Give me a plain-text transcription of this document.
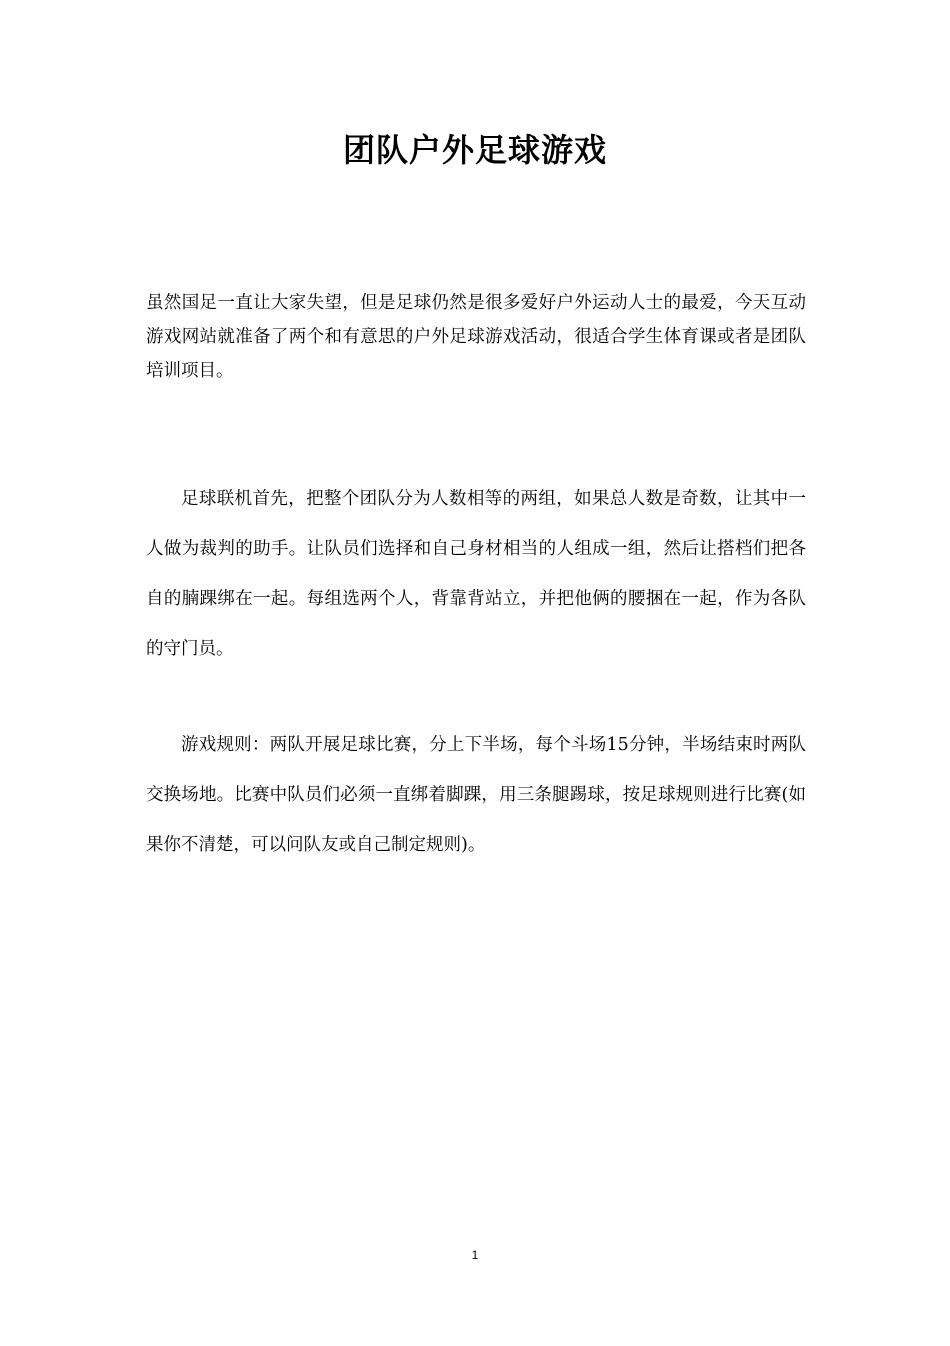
团队户外足球游戏

虽然国足一直让大家失望，但是足球仍然是很多爱好户外运动人士的最爱，今天互动游戏网站就准备了两个和有意思的户外足球游戏活动，很适合学生体育课或者是团队培训项目。

足球联机首先，把整个团队分为人数相等的两组，如果总人数是奇数，让其中一人做为裁判的助手。让队员们选择和自己身材相当的人组成一组，然后让搭档们把各自的腩踝绑在一起。每组选两个人，背靠背站立，并把他俩的腰捆在一起，作为各队的守门员。

游戏规则：两队开展足球比赛，分上下半场，每个斗场15分钟，半场结束时两队交换场地。比赛中队员们必须一直绑着脚踝，用三条腿踢球，按足球规则进行比赛(如果你不清楚，可以问队友或自己制定规则)。

1
